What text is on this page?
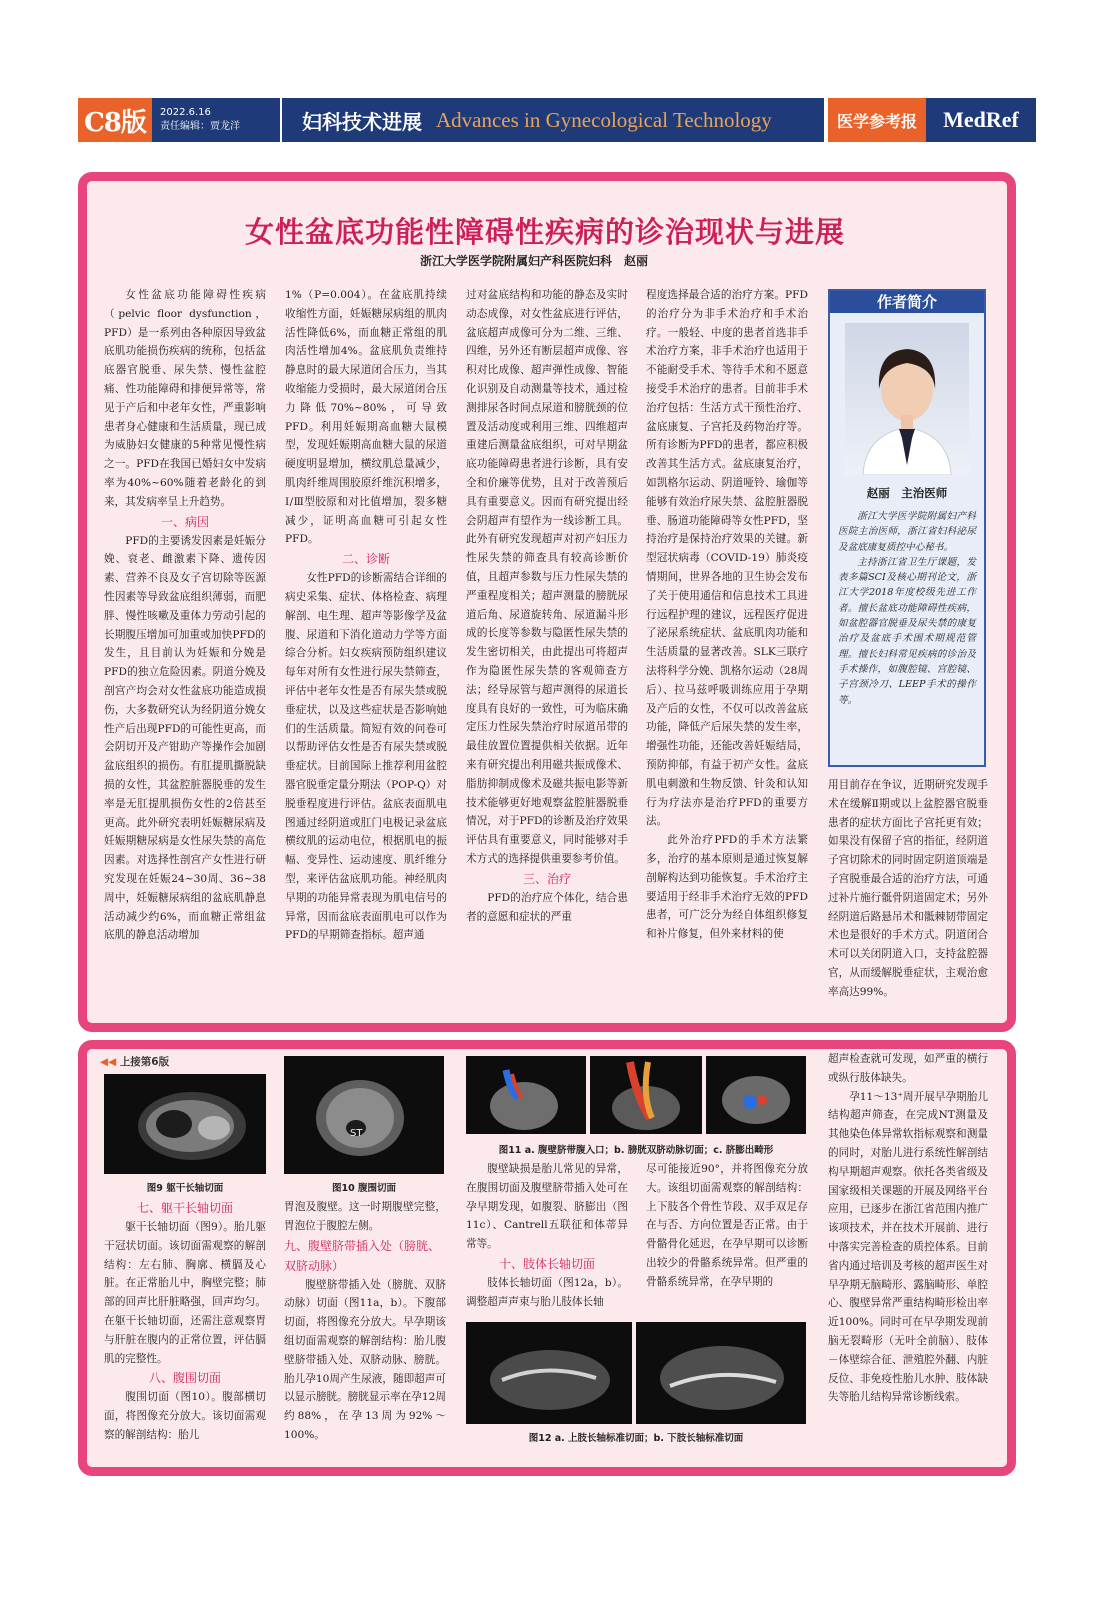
C8版	2022.6.16
责任编辑：贾龙洋	妇科技术进展 Advances in Gynecological Technology	医学参考报	MedRef
女性盆底功能性障碍性疾病的诊治现状与进展
浙江大学医学院附属妇产科医院妇科　赵丽

女性盆底功能障碍性疾病（pelvic floor dysfunction，PFD）是一系列由各种原因导致盆底肌功能损伤疾病的统称，包括盆底器官脱垂、尿失禁、慢性盆腔痛、性功能障碍和排便异常等，常见于产后和中老年女性，严重影响患者身心健康和生活质量，现已成为威胁妇女健康的5种常见慢性病之一。PFD在我国已婚妇女中发病率为40%~60%随着老龄化的到来，其发病率呈上升趋势。

一、病因

PFD的主要诱发因素是妊娠分娩、衰老、雌激素下降、遗传因素、营养不良及女子宫切除等医源性因素等导致盆底组织薄弱，而肥胖、慢性咳嗽及重体力劳动引起的长期腹压增加可加重或加快PFD的发生，且目前认为妊娠和分娩是PFD的独立危险因素。阴道分娩及剖宫产均会对女性盆底功能造成损伤，大多数研究认为经阴道分娩女性产后出现PFD的可能性更高，而会阴切开及产钳助产等操作会加剧盆底组织的损伤。有肛提肌撕脱缺损的女性，其盆腔脏器脱垂的发生率是无肛提肌损伤女性的2倍甚至更高。此外研究表明妊娠糖尿病及妊娠期糖尿病是女性尿失禁的高危因素。对选择性剖宫产女性进行研究发现在妊娠24~30周、36~38周中，妊娠糖尿病组的盆底肌静息活动减少约6%，而血糖正常组盆底肌的静息活动增加

1%（P=0.004）。在盆底肌持续收缩性方面，妊娠糖尿病组的肌肉活性降低6%，而血糖正常组的肌肉活性增加4%。盆底肌负责维持静息时的最大尿道闭合压力，当其收缩能力受损时，最大尿道闭合压力降低70%~80%，可导致PFD。利用妊娠期高血糖大鼠模型，发现妊娠期高血糖大鼠的尿道硬度明显增加，横纹肌总量减少，肌肉纤维周围胶原纤维沉积增多，Ⅰ/Ⅲ型胶原和对比值增加，裂多糖减少，证明高血糖可引起女性PFD。

二、诊断

女性PFD的诊断需结合详细的病史采集、症状、体格检查、病理解剖、电生理、超声等影像学及盆腹、尿道和下消化道动力学等方面综合分析。妇女疾病预防组织建议每年对所有女性进行尿失禁筛查，评估中老年女性是否有尿失禁或脱垂症状，以及这些症状是否影响她们的生活质量。简短有效的问卷可以帮助评估女性是否有尿失禁或脱垂症状。目前国际上推荐利用盆腔器官脱垂定量分期法（POP-Q）对脱垂程度进行评估。盆底表面肌电图通过经阴道或肛门电极记录盆底横纹肌的运动电位，根据肌电的振幅、变异性、运动速度、肌纤维分型，来评估盆底肌功能。神经肌肉早期的功能异常表现为肌电信号的异常，因而盆底表面肌电可以作为PFD的早期筛查指标。超声通

过对盆底结构和功能的静态及实时动态成像，对女性盆底进行评估，盆底超声成像可分为二维、三维、四维，另外还有断层超声成像、容积对比成像、超声弹性成像、智能化识别及自动测量等技术，通过检测排尿各时间点尿道和膀胱颈的位置及活动度或利用三维、四维超声重建后测量盆底组织，可对早期盆底功能障碍患者进行诊断，具有安全和价廉等优势，且对于改善预后具有重要意义。因而有研究提出经会阴超声有望作为一线诊断工具。此外有研究发现超声对初产妇压力性尿失禁的筛查具有较高诊断价值，且超声参数与压力性尿失禁的严重程度相关；超声测量的膀胱尿道后角、尿道旋转角、尿道漏斗形成的长度等参数与隐匿性尿失禁的发生密切相关，由此提出可将超声作为隐匿性尿失禁的客观筛查方法；经导尿管与超声测得的尿道长度具有良好的一致性，可为临床确定压力性尿失禁治疗时尿道吊带的最佳放置位置提供相关依据。近年来有研究提出利用磁共振成像术、脂肪抑制成像术及磁共振电影等新技术能够更好地观察盆腔脏器脱垂情况，对于PFD的诊断及治疗效果评估具有重要意义，同时能够对手术方式的选择提供重要参考价值。

三、治疗

PFD的治疗应个体化，结合患者的意愿和症状的严重

程度选择最合适的治疗方案。PFD的治疗分为非手术治疗和手术治疗。一般轻、中度的患者首选非手术治疗方案，非手术治疗也适用于不能耐受手术、等待手术和不愿意接受手术治疗的患者。目前非手术治疗包括：生活方式干预性治疗、盆底康复、子宫托及药物治疗等。所有诊断为PFD的患者，都应积极改善其生活方式。盆底康复治疗，如凯格尔运动、阴道哑铃、瑜伽等能够有效治疗尿失禁、盆腔脏器脱垂、肠道功能障碍等女性PFD，坚持治疗是保持治疗效果的关键。新型冠状病毒（COVID-19）肺炎疫情期间，世界各地的卫生协会发布了关于使用通信和信息技术工具进行远程护理的建议，远程医疗促进了泌尿系统症状、盆底肌肉功能和生活质量的显著改善。SLK三联疗法将科学分娩、凯格尔运动（28周后）、拉马兹呼吸训练应用于孕期及产后的女性，不仅可以改善盆底功能，降低产后尿失禁的发生率，增强性功能，还能改善妊娠结局，预防抑郁，有益于初产女性。盆底肌电刺激和生物反馈、针灸和认知行为疗法亦是治疗PFD的重要方法。

此外治疗PFD的手术方法繁多，治疗的基本原则是通过恢复解剖解构达到功能恢复。手术治疗主要适用于经非手术治疗无效的PFD患者，可广泛分为经自体组织修复和补片修复，但外来材料的使

作者简介
赵丽　主治医师

浙江大学医学院附属妇产科医院主治医师，浙江省妇科泌尿及盆底康复质控中心秘书。

主持浙江省卫生厅课题，发表多篇SCI及核心期刊论文，浙江大学2018年度校级先进工作者。擅长盆底功能障碍性疾病，如盆腔器官脱垂及尿失禁的康复治疗及盆底手术围术期规范管理。擅长妇科常见疾病的诊治及手术操作，如腹腔镜、宫腔镜、子宫颈冷刀、LEEP手术的操作等。

用目前存在争议，近期研究发现手术在缓解Ⅱ期或以上盆腔器官脱垂患者的症状方面比子宫托更有效；如果没有保留子宫的指征，经阴道子宫切除术的同时固定阴道顶端是子宫脱垂最合适的治疗方法，可通过补片施行骶骨阴道固定术；另外经阴道后路悬吊术和骶棘韧带固定术也是很好的手术方式。阴道闭合术可以关闭阴道入口，支持盆腔器官，从而缓解脱垂症状，主观治愈率高达99%。

◀◀ 上接第6版
图9 躯干长轴切面
ST
图10 腹围切面
图11 a. 腹壁脐带腹入口；b. 膀胱双脐动脉切面；c. 脐膨出畸形
图12 a. 上肢长轴标准切面；b. 下肢长轴标准切面
七、躯干长轴切面

躯干长轴切面（图9）。胎儿躯干冠状切面。该切面需观察的解剖结构：左右肺、胸廓、横膈及心脏。在正常胎儿中，胸壁完整；肺部的回声比肝脏略强，回声均匀。在躯干长轴切面，还需注意观察胃与肝脏在腹内的正常位置，评估膈肌的完整性。

八、腹围切面

腹围切面（图10）。腹部横切面，将图像充分放大。该切面需观察的解剖结构：胎儿

胃泡及腹壁。这一时期腹壁完整，胃泡位于腹腔左侧。

九、腹壁脐带插入处（膀胱、双脐动脉）

腹壁脐带插入处（膀胱、双脐动脉）切面（图11a，b）。下腹部切面，将图像充分放大。早孕期该组切面需观察的解剖结构：胎儿腹壁脐带插入处、双脐动脉、膀胱。胎儿孕10周产生尿液，随即超声可以显示膀胱。膀胱显示率在孕12周约88%，在孕13周为92%～100%。

腹壁缺损是胎儿常见的异常，在腹围切面及腹壁脐带插入处可在孕早期发现，如腹裂、脐膨出（图11c）、Cantrell五联征和体蒂异常等。

十、肢体长轴切面

肢体长轴切面（图12a，b）。调整超声声束与胎儿肢体长轴

尽可能接近90°，并将图像充分放大。该组切面需观察的解剖结构：上下肢各个骨性节段、双手双足存在与否、方向位置是否正常。由于骨骼骨化延迟，在孕早期可以诊断出较少的骨骼系统异常。但严重的骨骼系统异常，在孕早期的

超声检查就可发现，如严重的横行或纵行肢体缺失。

孕11～13⁺周开展早孕期胎儿结构超声筛查，在完成NT测量及其他染色体异常软指标观察和测量的同时，对胎儿进行系统性解剖结构早期超声观察。依托各类省级及国家级相关课题的开展及网络平台应用，已逐步在浙江省范围内推广该项技术，并在技术开展前、进行中落实完善检查的质控体系。目前省内通过培训及考核的超声医生对早孕期无脑畸形、露脑畸形、单腔心、腹壁异常严重结构畸形检出率近100%。同时可在早孕期发现前脑无裂畸形（无叶全前脑）、肢体－体壁综合征、泄殖腔外翻、内脏反位、非免疫性胎儿水肿、肢体缺失等胎儿结构异常诊断线索。
